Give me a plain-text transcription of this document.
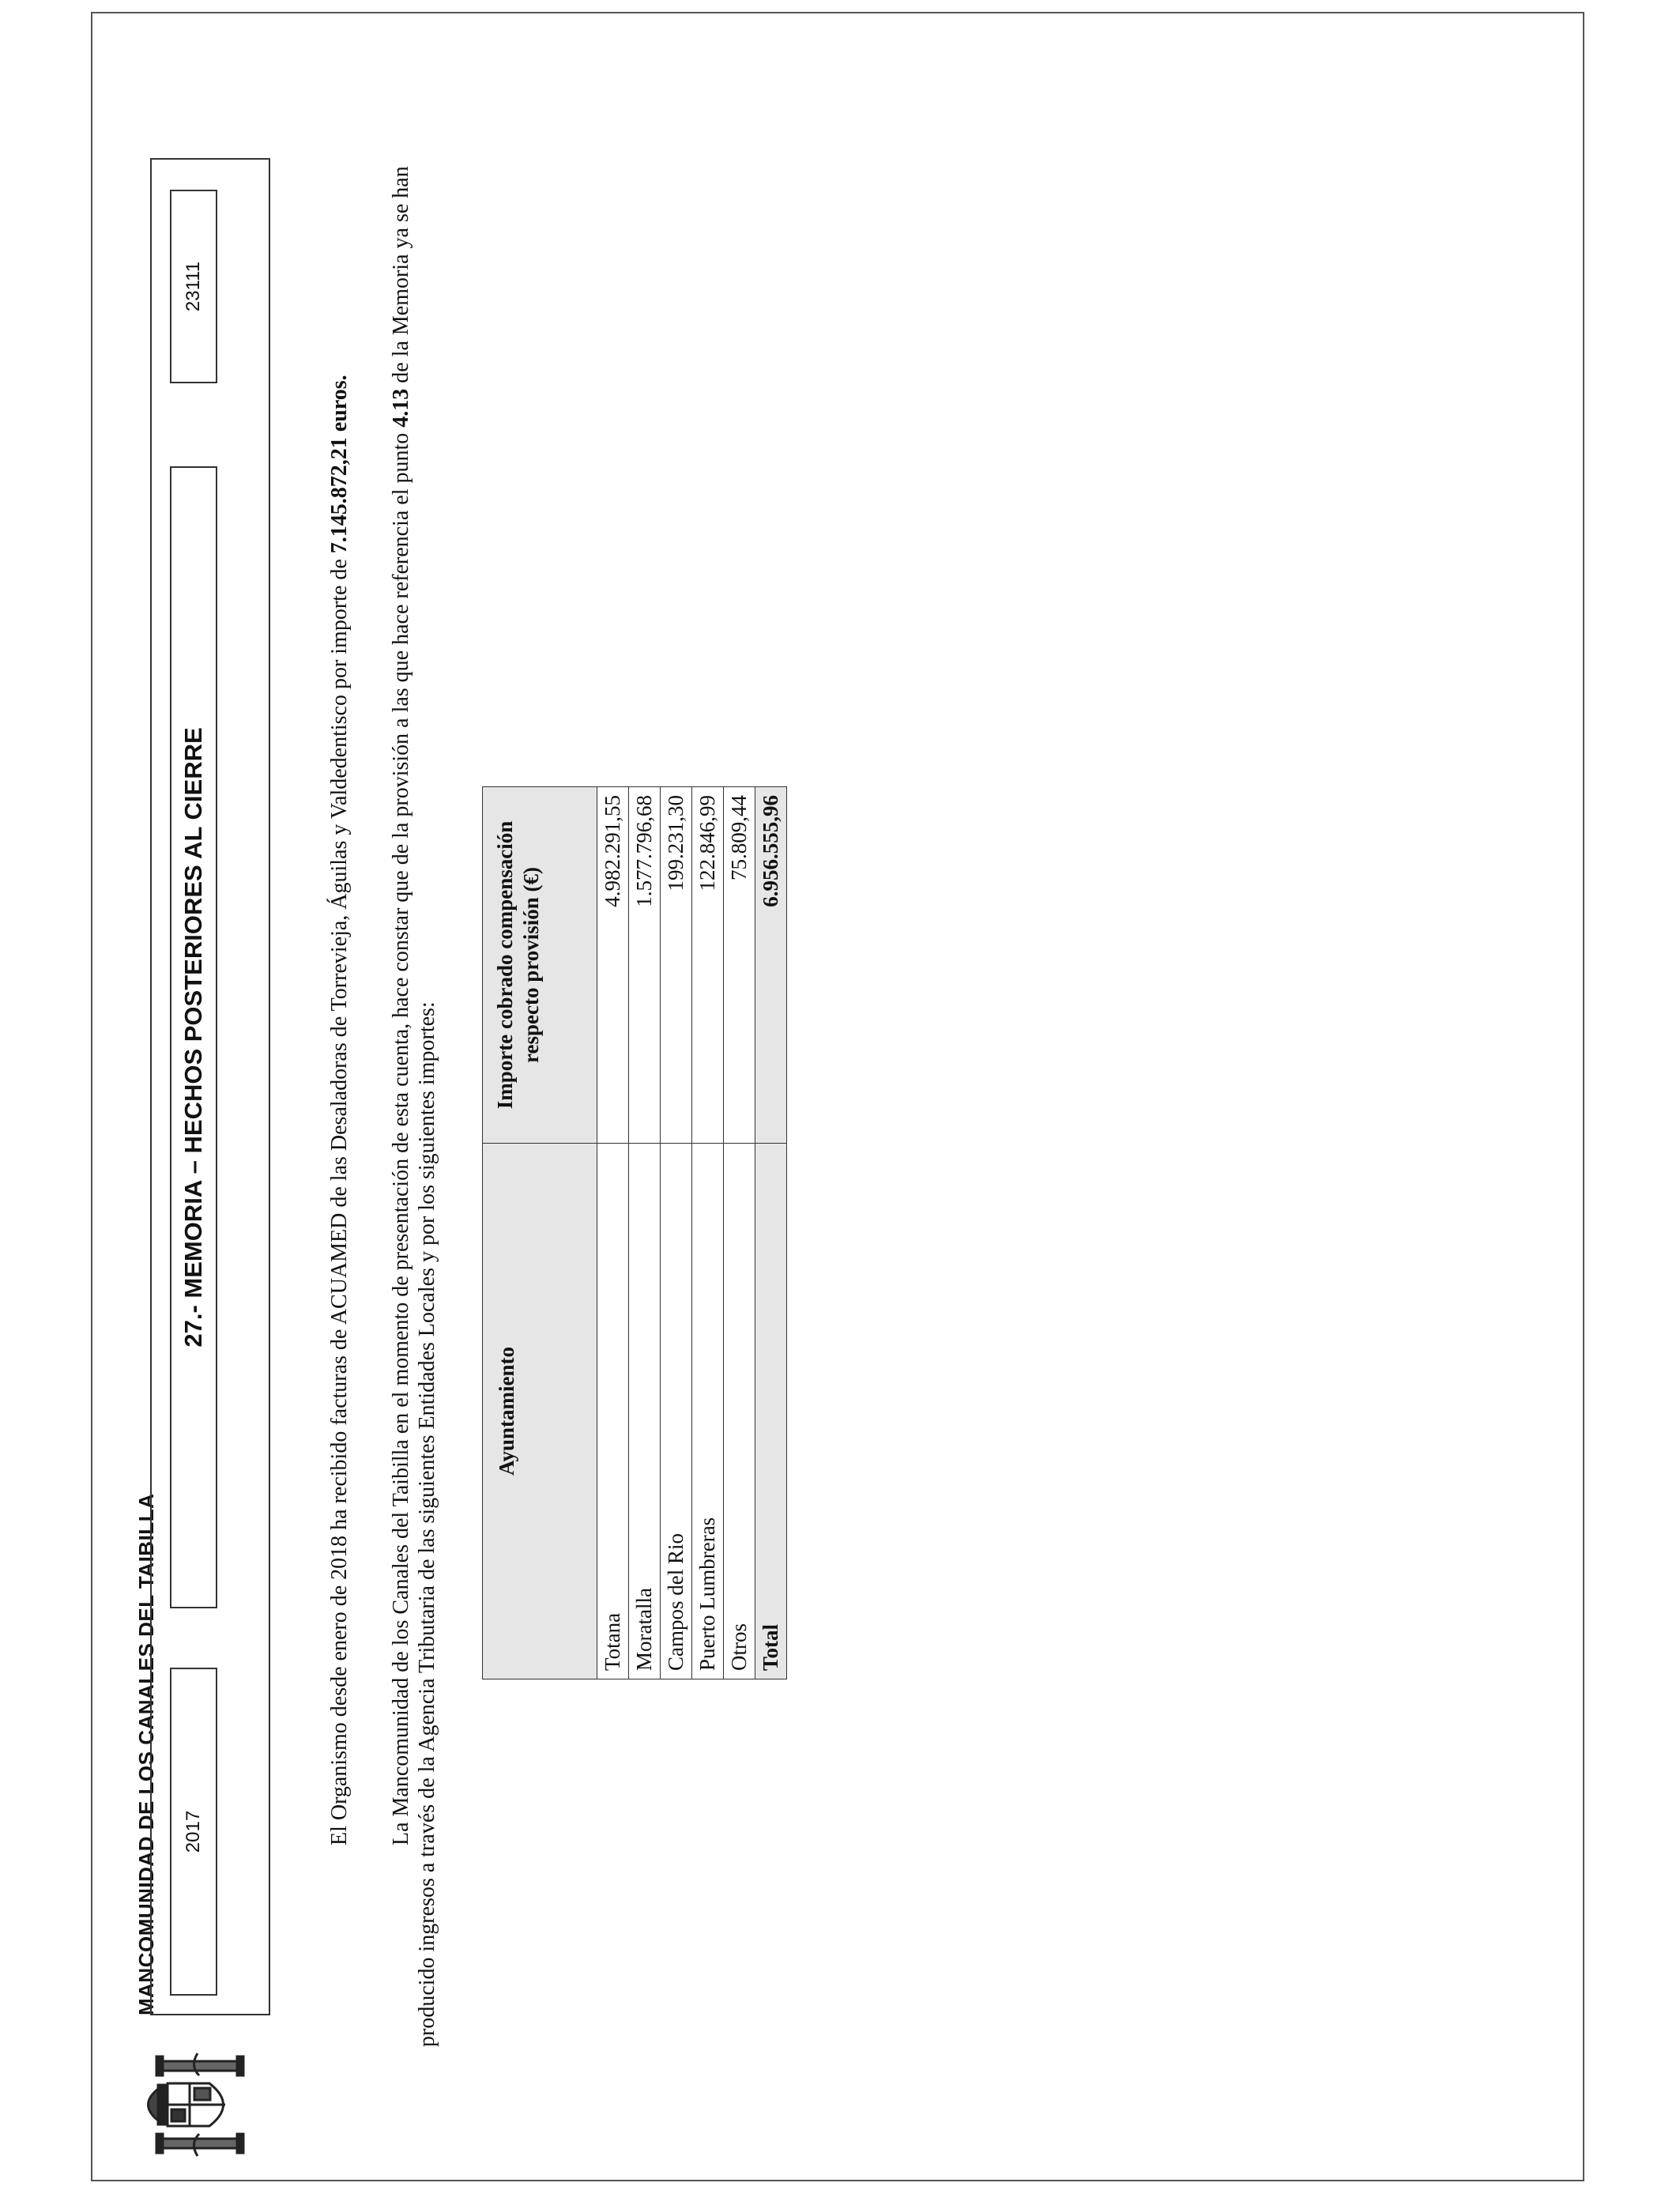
MANCOMUNIDAD DE LOS CANALES DEL TAIBILLA	2017
27.- MEMORIA – HECHOS POSTERIORES AL CIERRE
23111
El Organismo desde enero de 2018 ha recibido facturas de ACUAMED de las Desaladoras de Torrevieja, Águilas y Valdedentisco por importe de 7.145.872,21 euros. La Mancomunidad de los Canales del Taibilla en el momento de presentación de esta cuenta, hace constar que de la provisión a las que hace referencia el punto 4.13 de la Memoria ya se han producido ingresos a través de la Agencia Tributaria de las siguientes Entidades Locales y por los siguientes importes:	Ayuntamiento	Importe cobrado compensación respecto provisión (€)
Totana	4.982.291,55
Moratalla	1.577.796,68
Campos del Rio	199.231,30
Puerto Lumbreras	122.846,99
Otros	75.809,44
Total	6.956.555,96
